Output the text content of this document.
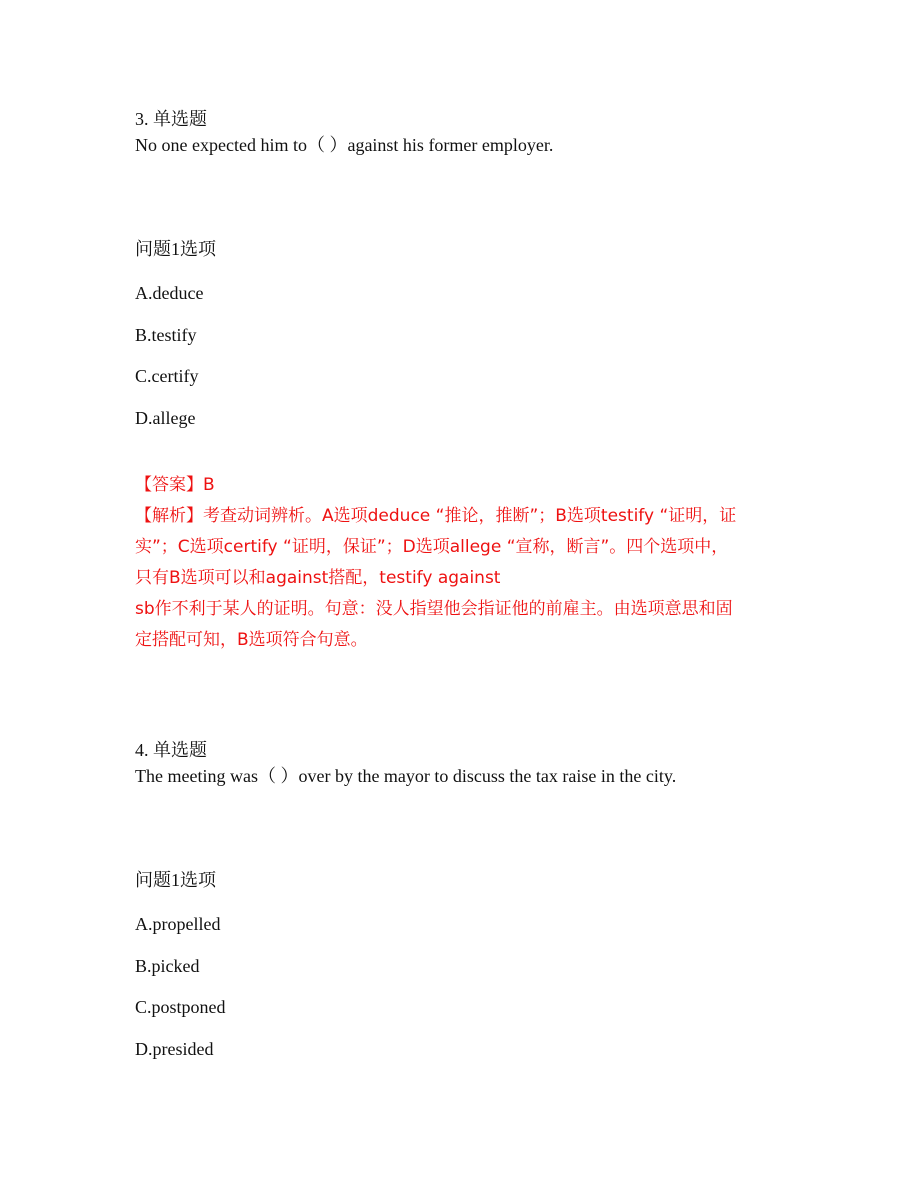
3. 单选题

No one expected him to（ ）against his former employer.

问题1选项

A.deduce

B.testify

C.certify

D.allege

【答案】B

【解析】考查动词辨析。A选项deduce “推论，推断”；B选项testify “证明，证
实”；C选项certify “证明，保证”；D选项allege “宣称，断言”。四个选项中，
只有B选项可以和against搭配，testify against
sb作不利于某人的证明。句意：没人指望他会指证他的前雇主。由选项意思和固
定搭配可知，B选项符合句意。

4. 单选题

The meeting was（ ）over by the mayor to discuss the tax raise in the city.

问题1选项

A.propelled

B.picked

C.postponed

D.presided
